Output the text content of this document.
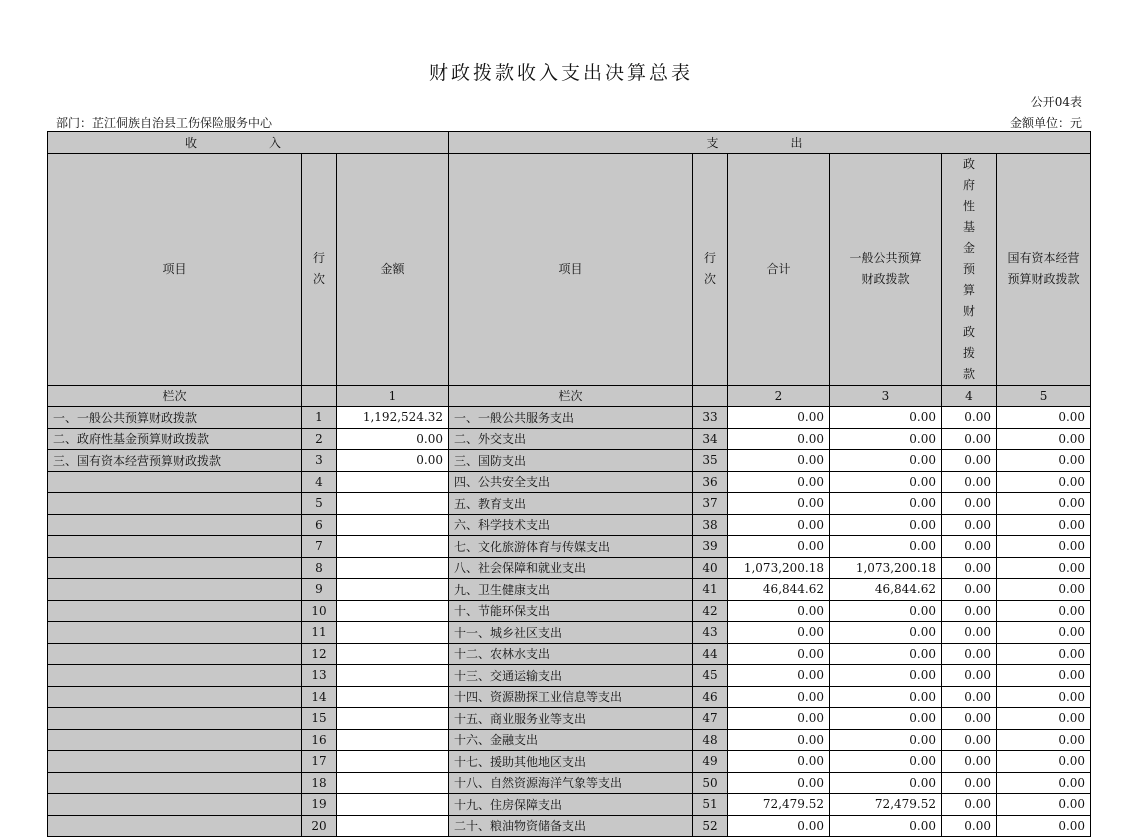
财政拨款收入支出决算总表
公开04表
部门：芷江侗族自治县工伤保险服务中心	金额单位：元
收　入			支　出					
项目	行次	金额	项目	行次	合计	一般公共预算财政拨款	政府性基金预算财政拨款	国有资本经营预算财政拨款
栏次		1	栏次		2	3	4	5
一、一般公共预算财政拨款	1	1,192,524.32	一、一般公共服务支出	33	0.00	0.00	0.00	0.00
二、政府性基金预算财政拨款	2	0.00	二、外交支出	34	0.00	0.00	0.00	0.00
三、国有资本经营预算财政拨款	3	0.00	三、国防支出	35	0.00	0.00	0.00	0.00
	4		四、公共安全支出	36	0.00	0.00	0.00	0.00
	5		五、教育支出	37	0.00	0.00	0.00	0.00
	6		六、科学技术支出	38	0.00	0.00	0.00	0.00
	7		七、文化旅游体育与传媒支出	39	0.00	0.00	0.00	0.00
	8		八、社会保障和就业支出	40	1,073,200.18	1,073,200.18	0.00	0.00
	9		九、卫生健康支出	41	46,844.62	46,844.62	0.00	0.00
	10		十、节能环保支出	42	0.00	0.00	0.00	0.00
	11		十一、城乡社区支出	43	0.00	0.00	0.00	0.00
	12		十二、农林水支出	44	0.00	0.00	0.00	0.00
	13		十三、交通运输支出	45	0.00	0.00	0.00	0.00
	14		十四、资源勘探工业信息等支出	46	0.00	0.00	0.00	0.00
	15		十五、商业服务业等支出	47	0.00	0.00	0.00	0.00
	16		十六、金融支出	48	0.00	0.00	0.00	0.00
	17		十七、援助其他地区支出	49	0.00	0.00	0.00	0.00
	18		十八、自然资源海洋气象等支出	50	0.00	0.00	0.00	0.00
	19		十九、住房保障支出	51	72,479.52	72,479.52	0.00	0.00
	20		二十、粮油物资储备支出	52	0.00	0.00	0.00	0.00
